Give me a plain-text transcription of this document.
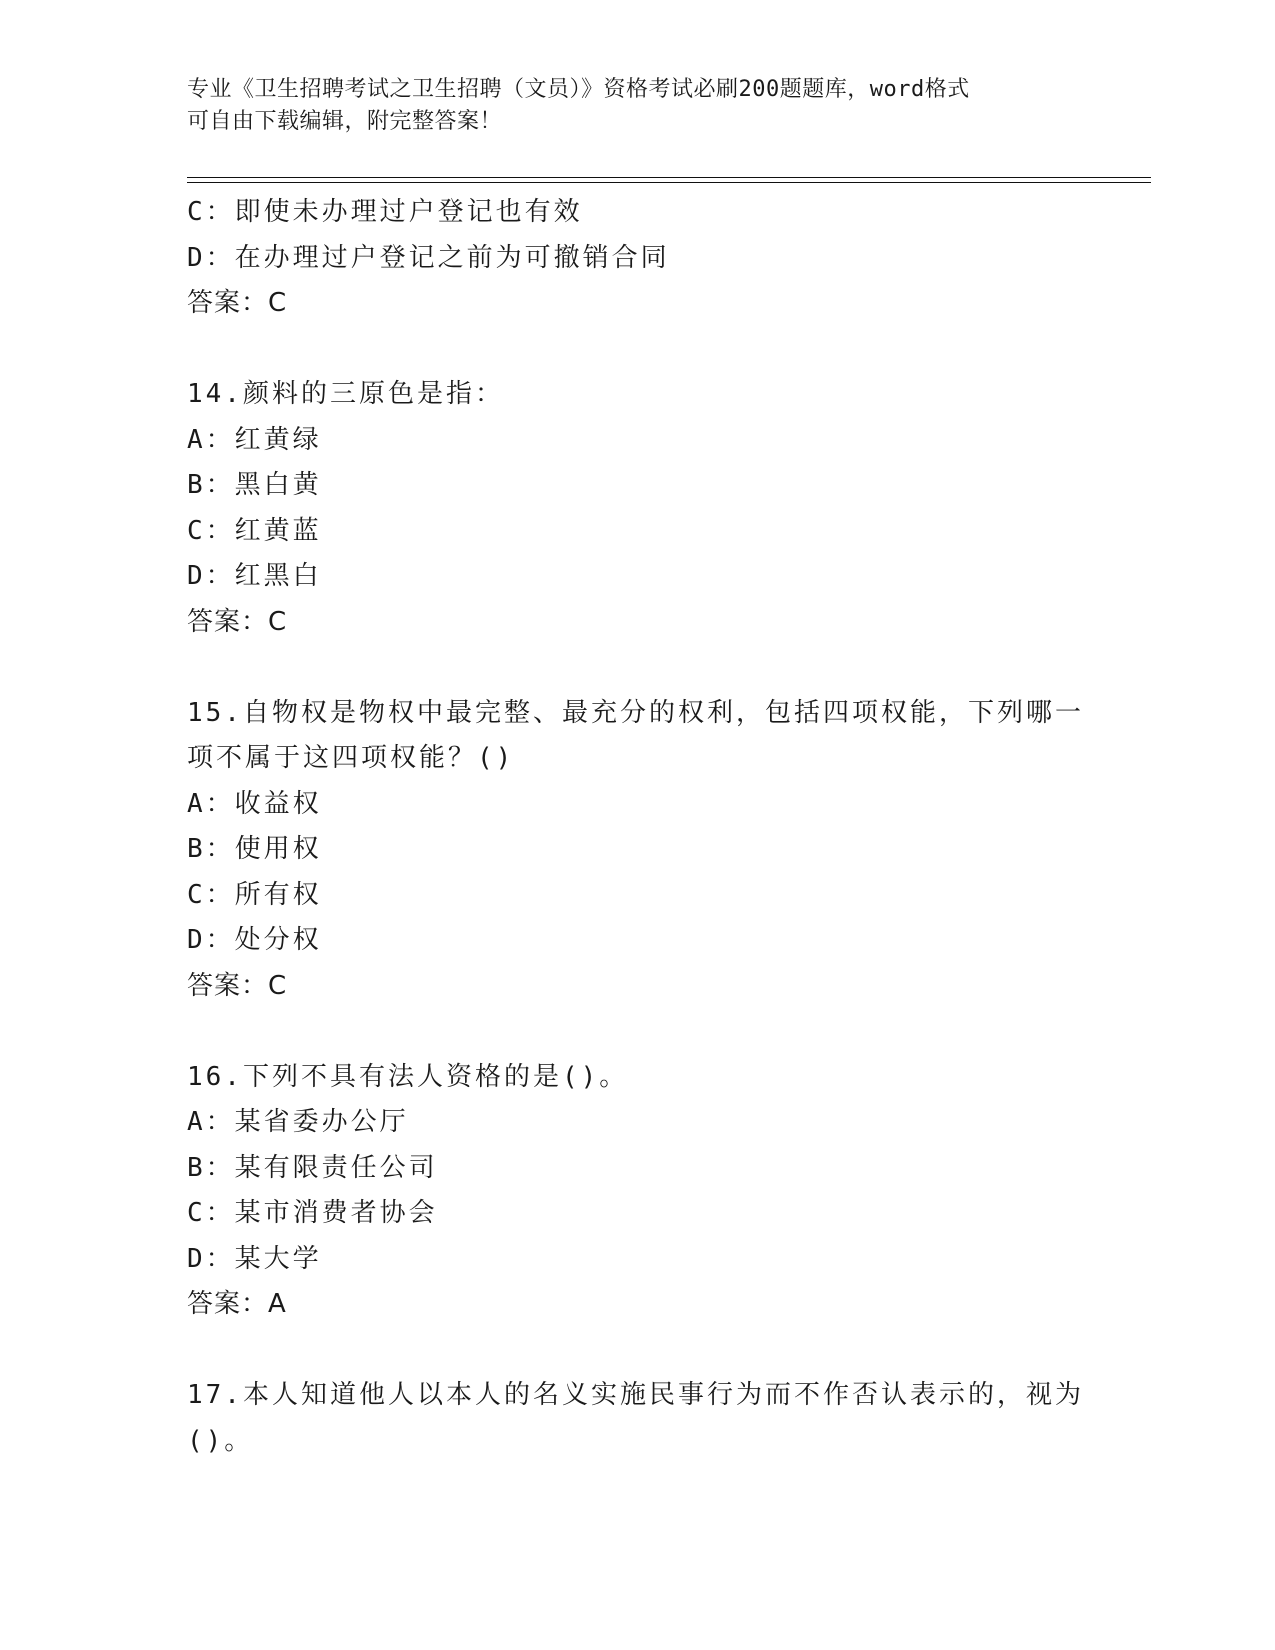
专业《卫生招聘考试之卫生招聘（文员）》资格考试必刷200题题库，word格式
可自由下载编辑，附完整答案！
C：即使未办理过户登记也有效
D：在办理过户登记之前为可撤销合同
答案：C
14.颜料的三原色是指：
A：红黄绿
B：黑白黄
C：红黄蓝
D：红黑白
答案：C
15.自物权是物权中最完整、最充分的权利，包括四项权能，下列哪一
项不属于这四项权能？()
A：收益权
B：使用权
C：所有权
D：处分权
答案：C
16.下列不具有法人资格的是()。
A：某省委办公厅
B：某有限责任公司
C：某市消费者协会
D：某大学
答案：A
17.本人知道他人以本人的名义实施民事行为而不作否认表示的，视为
()。
